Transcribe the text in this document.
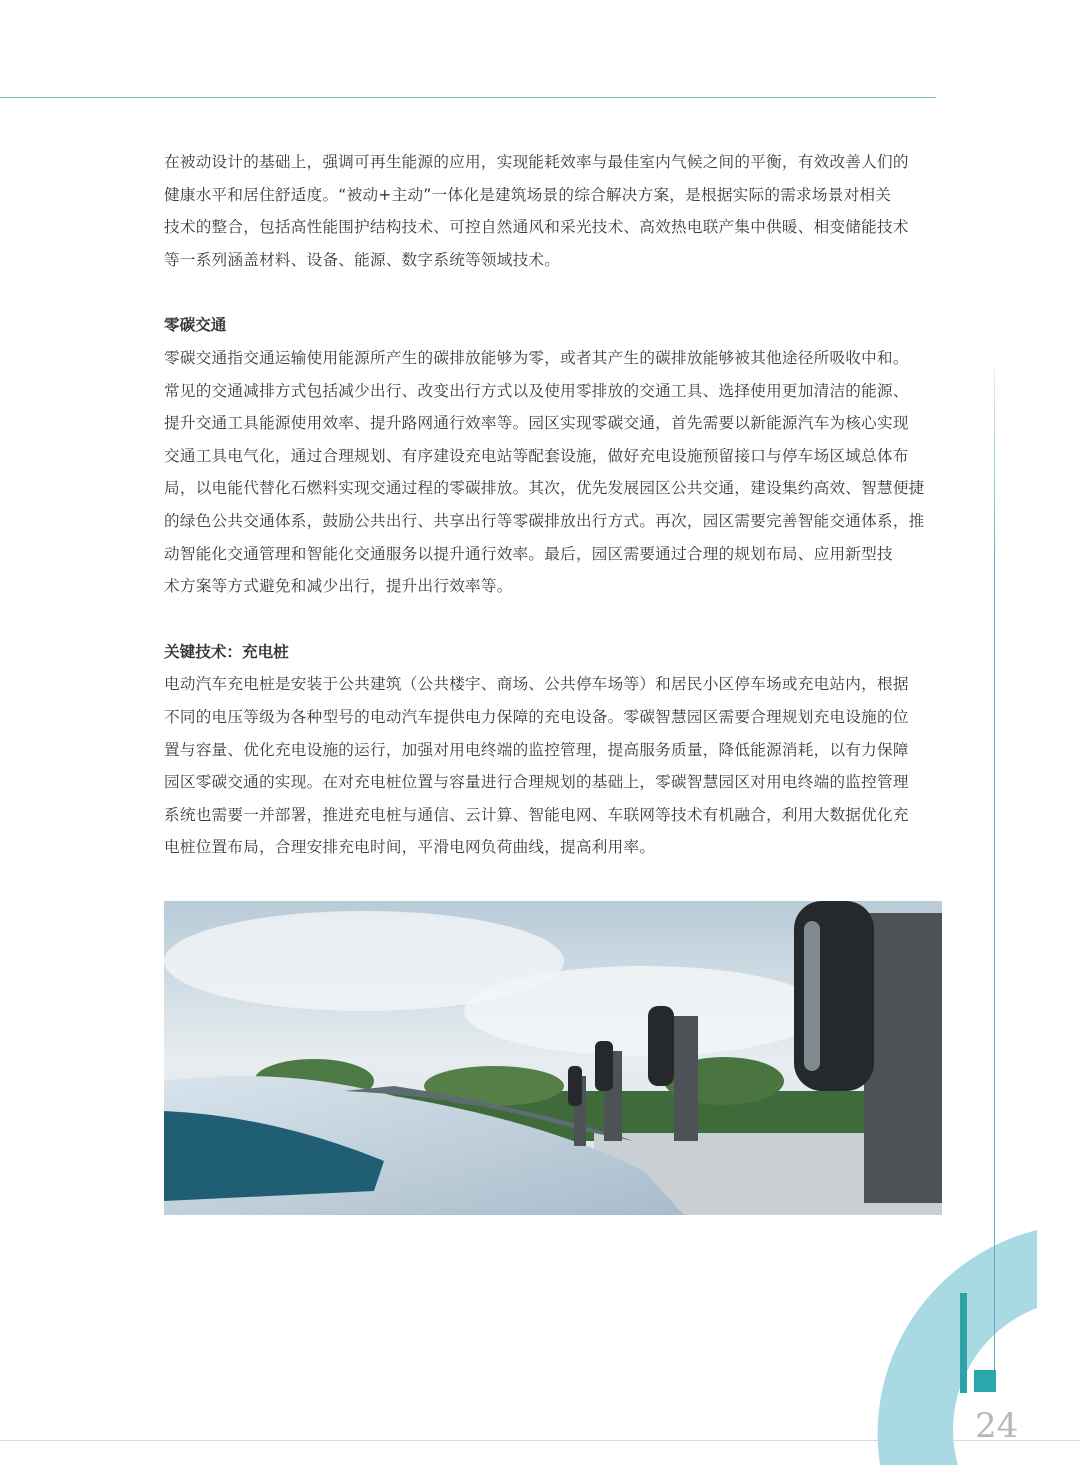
在被动设计的基础上，强调可再生能源的应用，实现能耗效率与最佳室内气候之间的平衡，有效改善人们的
健康水平和居住舒适度。“被动+主动”一体化是建筑场景的综合解决方案，是根据实际的需求场景对相关
技术的整合，包括高性能围护结构技术、可控自然通风和采光技术、高效热电联产集中供暖、相变储能技术
等一系列涵盖材料、设备、能源、数字系统等领域技术。
零碳交通
零碳交通指交通运输使用能源所产生的碳排放能够为零，或者其产生的碳排放能够被其他途径所吸收中和。
常见的交通减排方式包括减少出行、改变出行方式以及使用零排放的交通工具、选择使用更加清洁的能源、
提升交通工具能源使用效率、提升路网通行效率等。园区实现零碳交通，首先需要以新能源汽车为核心实现
交通工具电气化，通过合理规划、有序建设充电站等配套设施，做好充电设施预留接口与停车场区域总体布
局，以电能代替化石燃料实现交通过程的零碳排放。其次，优先发展园区公共交通，建设集约高效、智慧便捷
的绿色公共交通体系，鼓励公共出行、共享出行等零碳排放出行方式。再次，园区需要完善智能交通体系，推
动智能化交通管理和智能化交通服务以提升通行效率。最后，园区需要通过合理的规划布局、应用新型技
术方案等方式避免和减少出行，提升出行效率等。
关键技术：充电桩
电动汽车充电桩是安装于公共建筑（公共楼宇、商场、公共停车场等）和居民小区停车场或充电站内，根据
不同的电压等级为各种型号的电动汽车提供电力保障的充电设备。零碳智慧园区需要合理规划充电设施的位
置与容量、优化充电设施的运行，加强对用电终端的监控管理，提高服务质量，降低能源消耗，以有力保障
园区零碳交通的实现。在对充电桩位置与容量进行合理规划的基础上，零碳智慧园区对用电终端的监控管理
系统也需要一并部署，推进充电桩与通信、云计算、智能电网、车联网等技术有机融合，利用大数据优化充
电桩位置布局，合理安排充电时间，平滑电网负荷曲线，提高利用率。
24
